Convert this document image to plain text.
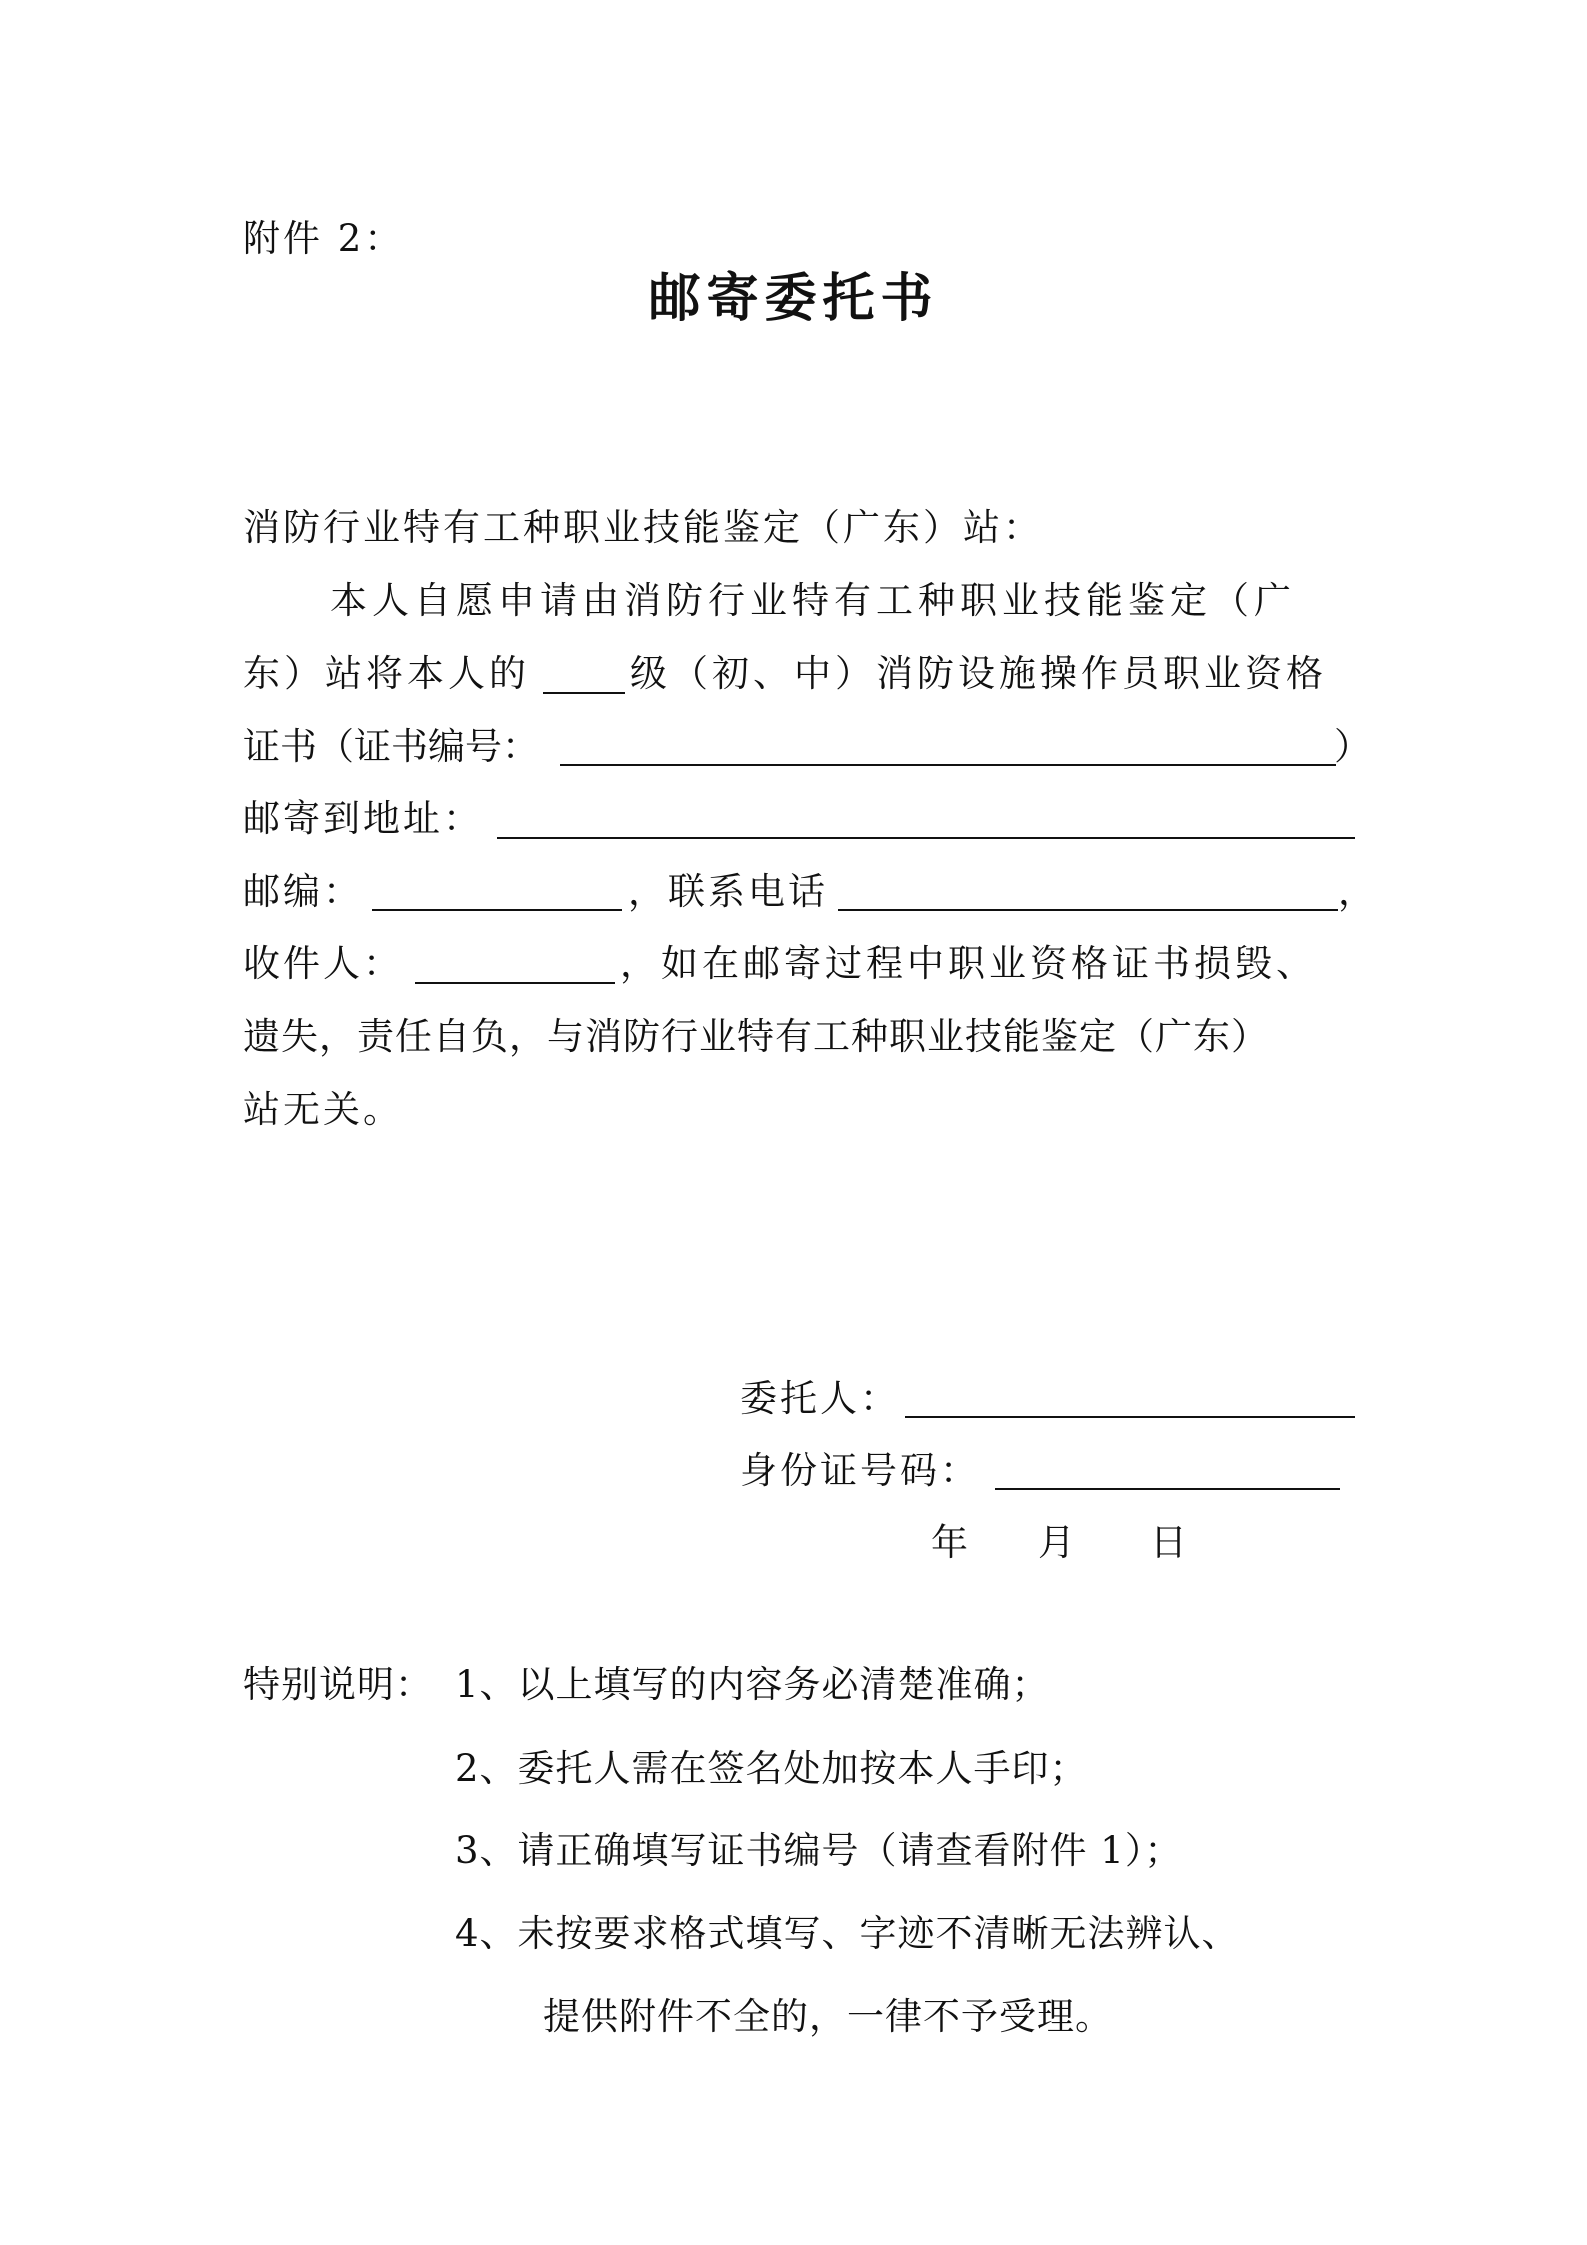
附件 2：
邮寄委托书
消防行业特有工种职业技能鉴定（广东）站：
本人自愿申请由消防行业特有工种职业技能鉴定（广
东）站将本人的	级（初、中）消防设施操作员职业资格
证书（证书编号：	）
邮寄到地址：
邮编：	，联系电话	，
收件人：	，如在邮寄过程中职业资格证书损毁、
遗失，责任自负，与消防行业特有工种职业技能鉴定（广东）
站无关。
委托人：
身份证号码：
年 月 日
特别说明： 1、以上填写的内容务必清楚准确；
2、委托人需在签名处加按本人手印；
3、请正确填写证书编号（请查看附件 1）；
4、未按要求格式填写、字迹不清晰无法辨认、
提供附件不全的，一律不予受理。
